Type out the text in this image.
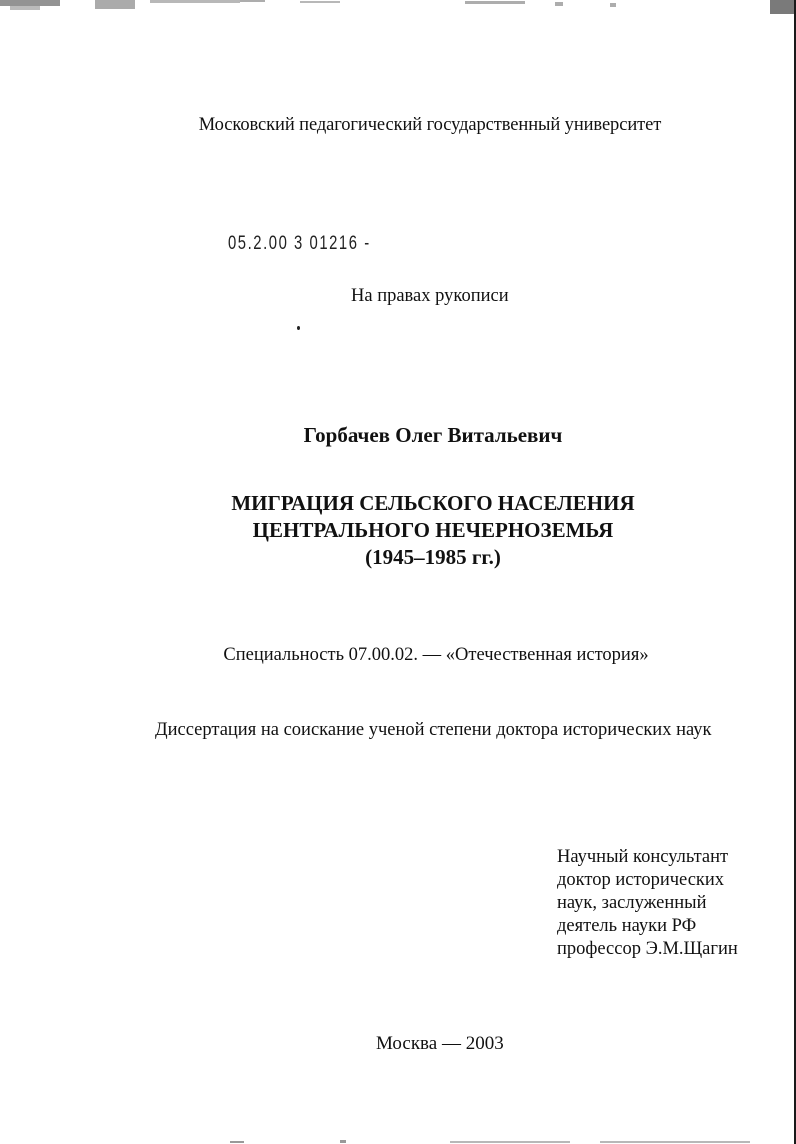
Московский педагогический государственный университет
05.2.00 3 01216 -
На правах рукописи
Горбачев Олег Витальевич
МИГРАЦИЯ СЕЛЬСКОГО НАСЕЛЕНИЯ
ЦЕНТРАЛЬНОГО НЕЧЕРНОЗЕМЬЯ
(1945–1985 гг.)
Специальность 07.00.02. — «Отечественная история»
Диссертация на соискание ученой степени доктора исторических наук
Научный консультант
доктор исторических
наук, заслуженный
деятель науки РФ
профессор Э.М.Щагин
Москва — 2003
